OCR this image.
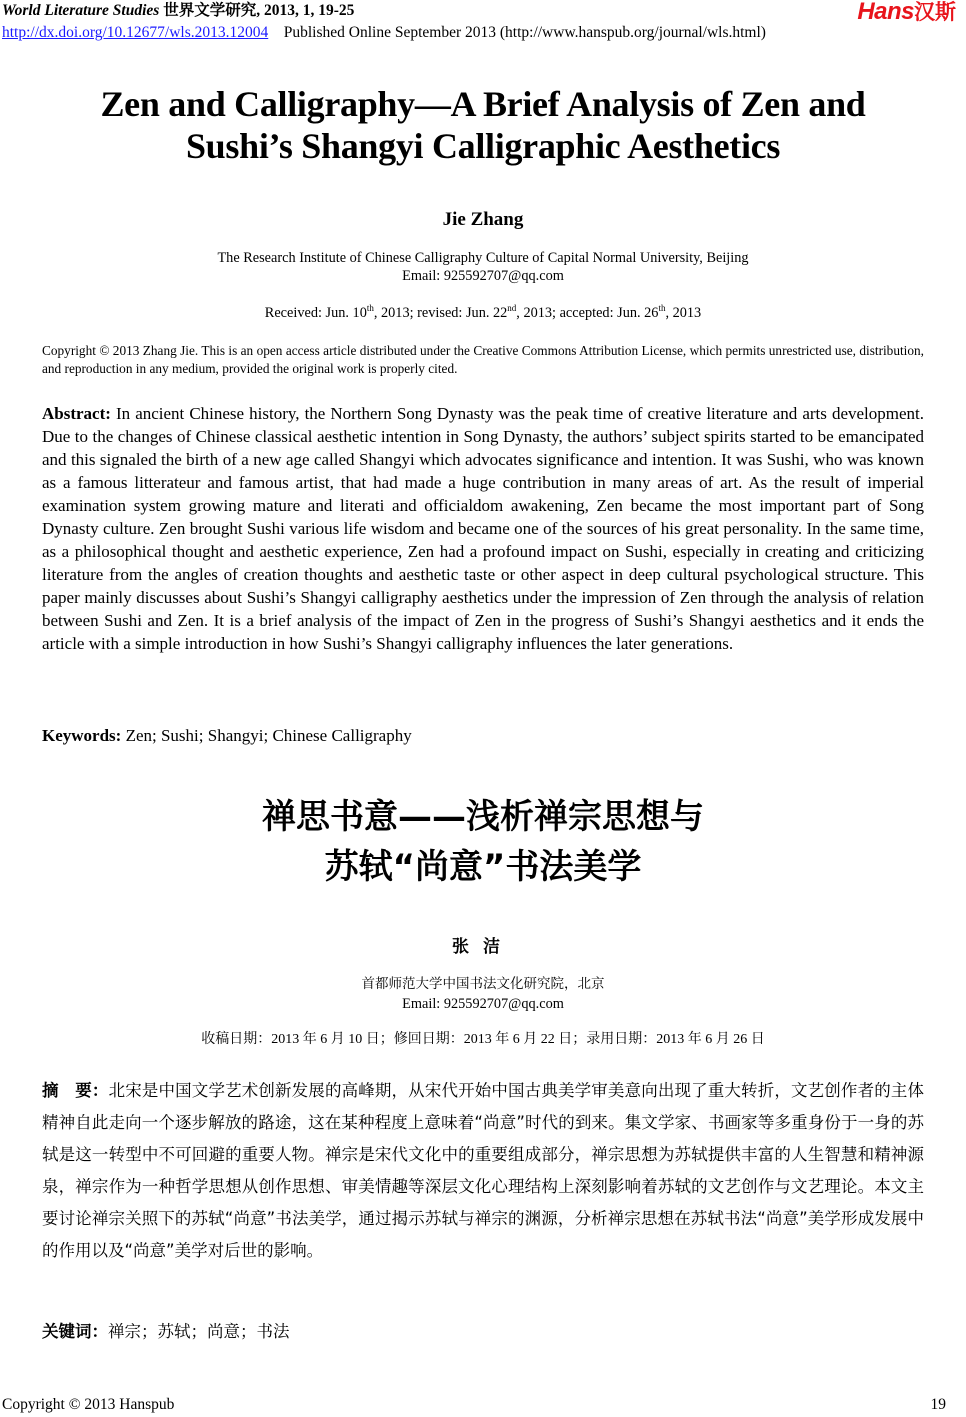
World Literature Studies 世界文学研究, 2013, 1, 19-25	Hans汉斯
http://dx.doi.org/10.12677/wls.2013.12004 Published Online September 2013 (http://www.hanspub.org/journal/wls.html)
Zen and Calligraphy—A Brief Analysis of Zen and
Sushi’s Shangyi Calligraphic Aesthetics
Jie Zhang
The Research Institute of Chinese Calligraphy Culture of Capital Normal University, Beijing
Email: 925592707@qq.com
Received: Jun. 10th, 2013; revised: Jun. 22nd, 2013; accepted: Jun. 26th, 2013
Copyright © 2013 Zhang Jie. This is an open access article distributed under the Creative Commons Attribution License, which permits unrestricted use, distribution, and reproduction in any medium, provided the original work is properly cited.
Abstract: In ancient Chinese history, the Northern Song Dynasty was the peak time of creative literature and arts development. Due to the changes of Chinese classical aesthetic intention in Song Dynasty, the authors’ subject spirits started to be emancipated and this signaled the birth of a new age called Shangyi which advocates significance and intention. It was Sushi, who was known as a famous litterateur and famous artist, that had made a huge contribution in many areas of art. As the result of imperial examination system growing mature and literati and officialdom awakening, Zen became the most important part of Song Dynasty culture. Zen brought Sushi various life wisdom and became one of the sources of his great personality. In the same time, as a philosophical thought and aesthetic experience, Zen had a profound impact on Sushi, especially in creating and criticizing literature from the angles of creation thoughts and aesthetic taste or other aspect in deep cultural psychological structure. This paper mainly discusses about Sushi’s Shangyi calligraphy aesthetics under the impression of Zen through the analysis of relation between Sushi and Zen. It is a brief analysis of the impact of Zen in the progress of Sushi’s Shangyi aesthetics and it ends the article with a simple introduction in how Sushi’s Shangyi calligraphy influences the later generations.
Keywords: Zen; Sushi; Shangyi; Chinese Calligraphy
禅思书意——浅析禅宗思想与
苏轼“尚意”书法美学
张洁
首都师范大学中国书法文化研究院，北京
Email: 925592707@qq.com
收稿日期：2013 年 6 月 10 日；修回日期：2013 年 6 月 22 日；录用日期：2013 年 6 月 26 日
摘　要：北宋是中国文学艺术创新发展的高峰期，从宋代开始中国古典美学审美意向出现了重大转折，文艺创作者的主体精神自此走向一个逐步解放的路途，这在某种程度上意味着“尚意”时代的到来。集文学家、书画家等多重身份于一身的苏轼是这一转型中不可回避的重要人物。禅宗是宋代文化中的重要组成部分，禅宗思想为苏轼提供丰富的人生智慧和精神源泉，禅宗作为一种哲学思想从创作思想、审美情趣等深层文化心理结构上深刻影响着苏轼的文艺创作与文艺理论。本文主要讨论禅宗关照下的苏轼“尚意”书法美学，通过揭示苏轼与禅宗的渊源，分析禅宗思想在苏轼书法“尚意”美学形成发展中的作用以及“尚意”美学对后世的影响。
关键词：禅宗；苏轼；尚意；书法
Copyright © 2013 Hanspub	19
